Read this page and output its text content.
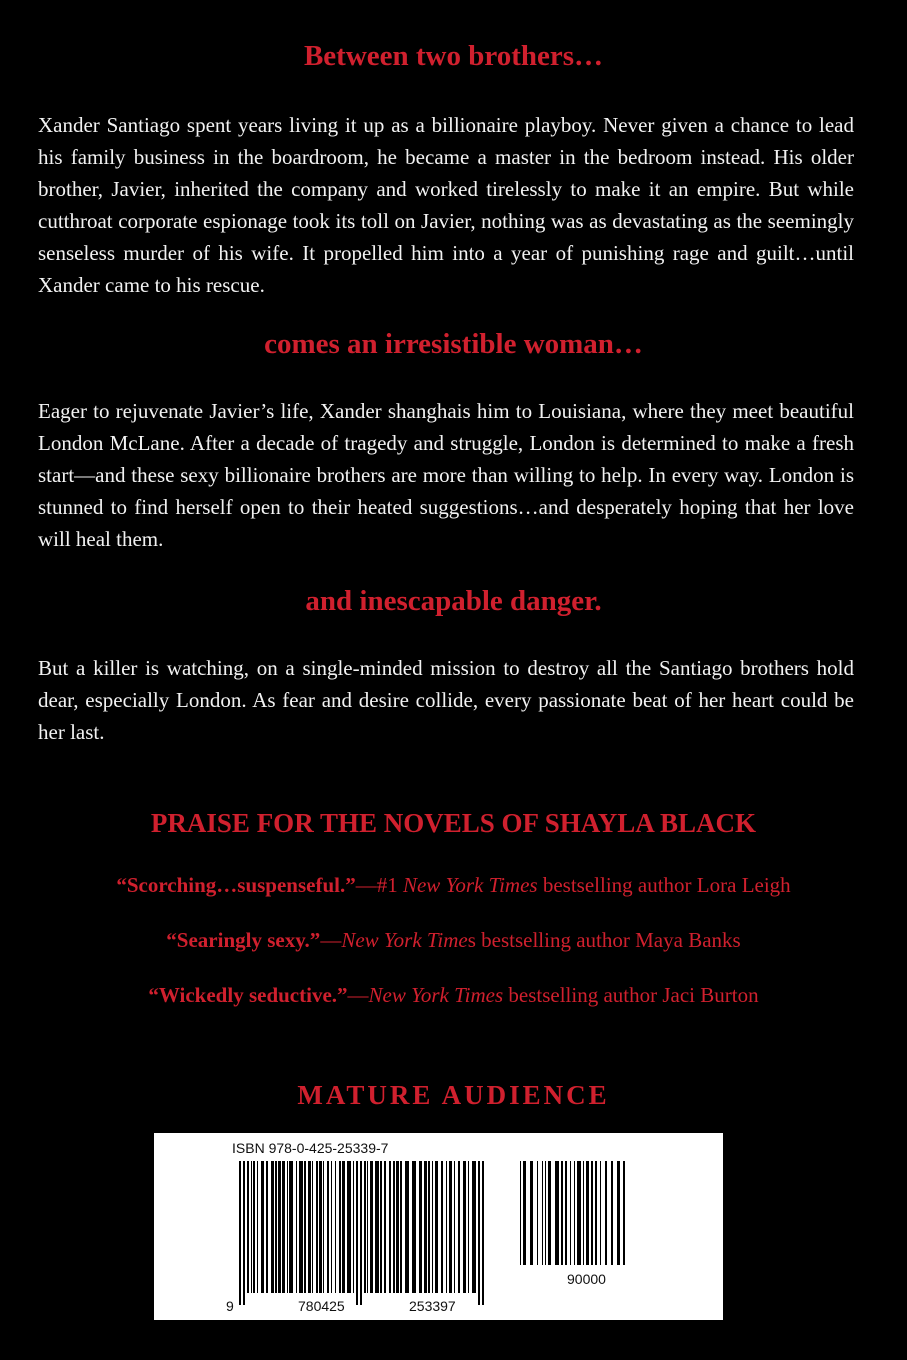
Between two brothers…

Xander Santiago spent years living it up as a billionaire playboy. Never given a chance to lead his family business in the boardroom, he became a master in the bedroom instead. His older brother, Javier, inherited the company and worked tirelessly to make it an empire. But while cutthroat corporate espionage took its toll on Javier, nothing was as devastating as the seemingly senseless murder of his wife. It propelled him into a year of punishing rage and guilt…until Xander came to his rescue.

comes an irresistible woman…

Eager to rejuvenate Javier’s life, Xander shanghais him to Louisiana, where they meet beautiful London McLane. After a decade of tragedy and struggle, London is determined to make a fresh start—and these sexy billionaire brothers are more than willing to help. In every way. London is stunned to find herself open to their heated suggestions…and desperately hoping that her love will heal them.

and inescapable danger.

But a killer is watching, on a single-minded mission to destroy all the Santiago brothers hold dear, especially London. As fear and desire collide, every passionate beat of her heart could be her last.

PRAISE FOR THE NOVELS OF SHAYLA BLACK

“Scorching…suspenseful.”—#1 New York Times bestselling author Lora Leigh

“Searingly sexy.”—New York Times bestselling author Maya Banks

“Wickedly seductive.”—New York Times bestselling author Jaci Burton

MATURE AUDIENCE
ISBN 978-0-425-25339-7
9	780425	253397
90000
